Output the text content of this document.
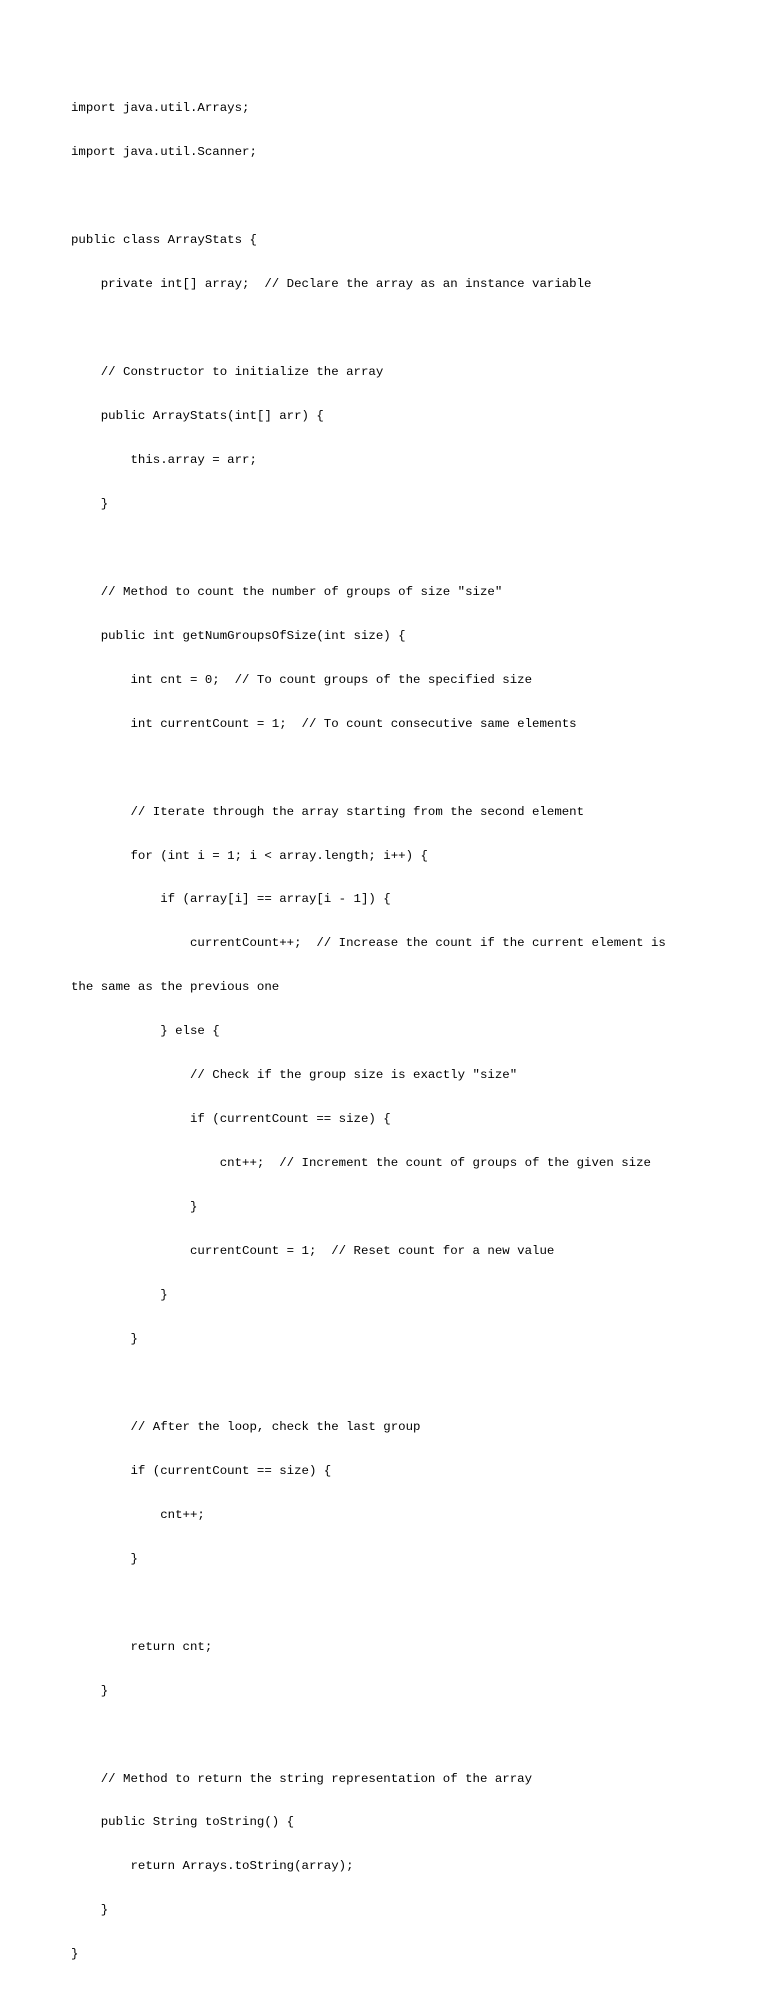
import java.util.Arrays;

import java.util.Scanner;

public class ArrayStats {

private int[] array;  // Declare the array as an instance variable

// Constructor to initialize the array

public ArrayStats(int[] arr) {

this.array = arr;

}

// Method to count the number of groups of size "size"

public int getNumGroupsOfSize(int size) {

int cnt = 0;  // To count groups of the specified size

int currentCount = 1;  // To count consecutive same elements

// Iterate through the array starting from the second element

for (int i = 1; i < array.length; i++) {

if (array[i] == array[i - 1]) {

currentCount++;  // Increase the count if the current element is

the same as the previous one

} else {

// Check if the group size is exactly "size"

if (currentCount == size) {

cnt++;  // Increment the count of groups of the given size

}

currentCount = 1;  // Reset count for a new value

}

}

// After the loop, check the last group

if (currentCount == size) {

cnt++;

}

return cnt;

}

// Method to return the string representation of the array

public String toString() {

return Arrays.toString(array);

}

}
